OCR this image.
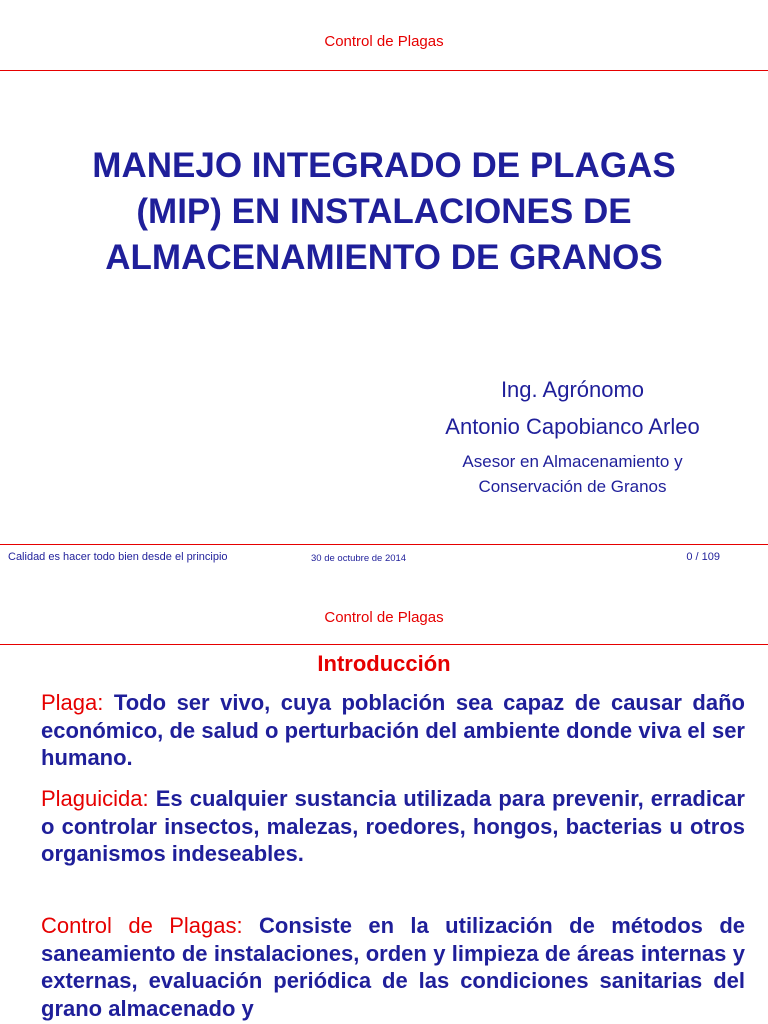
Control de Plagas
MANEJO INTEGRADO DE PLAGAS
(MIP) EN INSTALACIONES DE
ALMACENAMIENTO DE GRANOS
Ing. Agrónomo
Antonio Capobianco Arleo
Asesor en Almacenamiento y
Conservación de Granos
Calidad es hacer todo bien desde el principio	30 de octubre de 2014	0 / 109
Control de Plagas
Introducción
Plaga: Todo ser vivo, cuya población sea capaz de causar daño económico, de salud o perturbación del ambiente donde viva el ser humano.
Plaguicida: Es cualquier sustancia utilizada para prevenir, erradicar o controlar insectos, malezas, roedores, hongos, bacterias u otros organismos indeseables.
Control de Plagas: Consiste en la utilización de métodos de saneamiento de instalaciones, orden y limpieza de áreas internas y externas, evaluación periódica de las condiciones sanitarias del grano almacenado y
